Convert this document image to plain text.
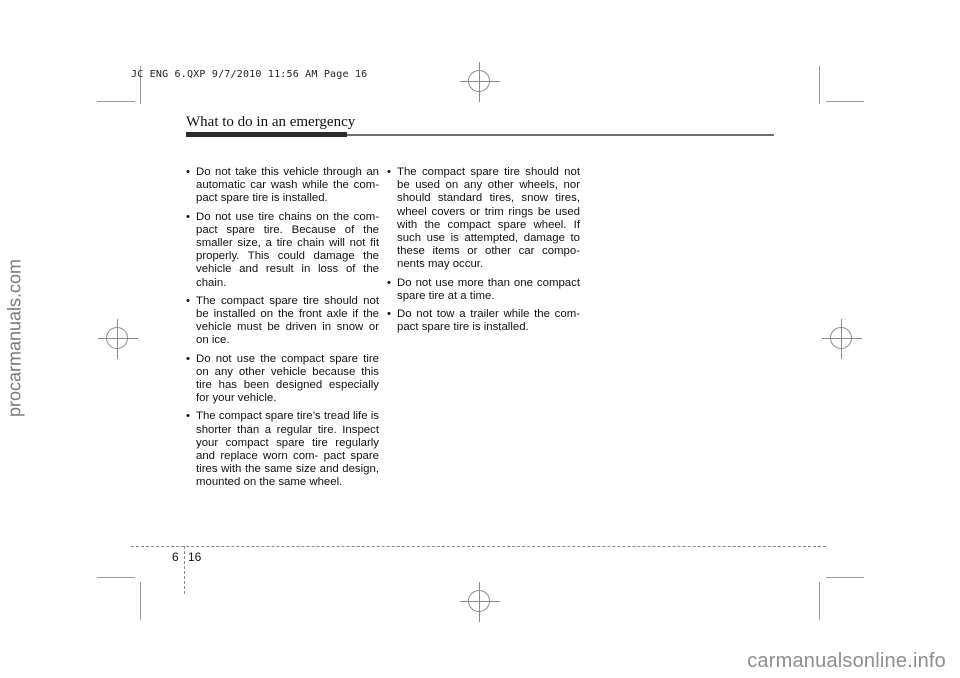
JC ENG 6.QXP 9/7/2010 11:56 AM Page 16
What to do in an emergency
• Do not take this vehicle through an automatic car wash while the com- pact spare tire is installed.
• Do not use tire chains on the com- pact spare tire. Because of the smaller size, a tire chain will not fit properly. This could damage the vehicle and result in loss of the chain.
• The compact spare tire should not be installed on the front axle if the vehicle must be driven in snow or on ice.
• Do not use the compact spare tire on any other vehicle because this tire has been designed especially for your vehicle.
• The compact spare tire’s tread life is shorter than a regular tire. Inspect your compact spare tire regularly and replace worn com- pact spare tires with the same size and design, mounted on the same wheel.
• The compact spare tire should not be used on any other wheels, nor should standard tires, snow tires, wheel covers or trim rings be used with the compact spare wheel. If such use is attempted, damage to these items or other car compo- nents may occur.
• Do not use more than one compact spare tire at a time.
• Do not tow a trailer while the com- pact spare tire is installed.
6 16
procarmanuals.com
carmanualsonline.info
